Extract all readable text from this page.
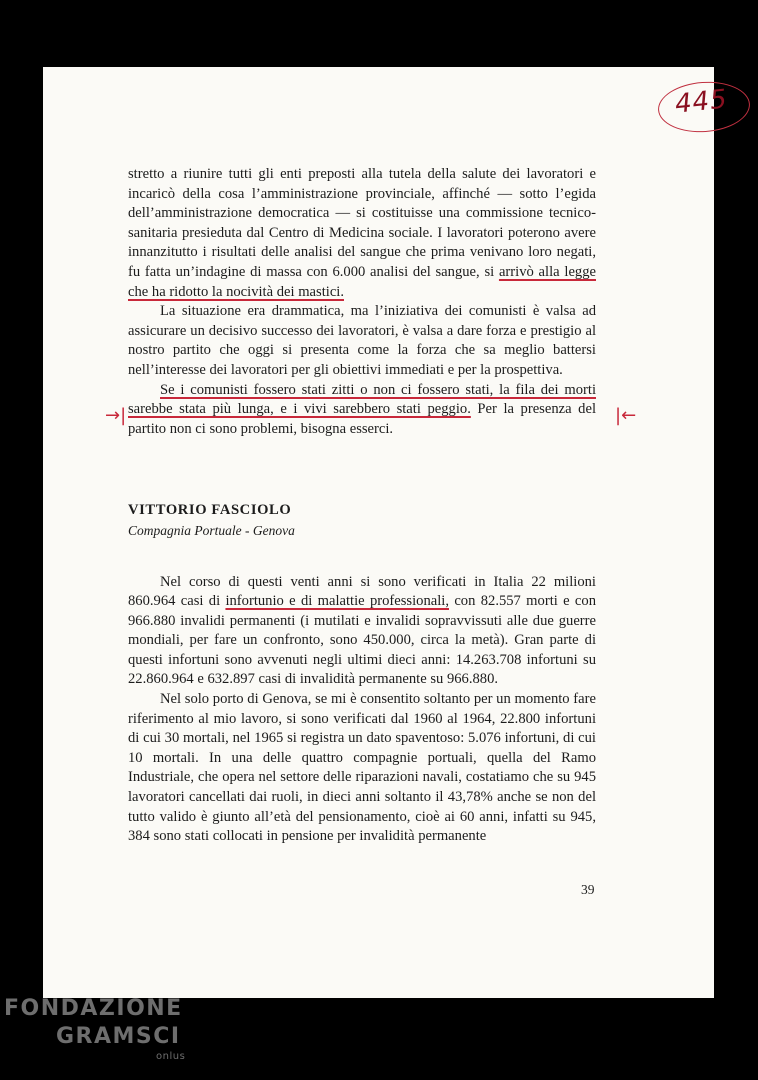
445
→|	|←

stretto a riunire tutti gli enti preposti alla tutela della salute dei lavoratori e incaricò della cosa l’amministrazione provinciale, affinché — sotto l’egida dell’amministrazione democratica — si costituisse una commissione tecnico-sanitaria presieduta dal Centro di Medicina sociale. I lavoratori poterono avere innanzitutto i risultati delle analisi del sangue che prima venivano loro negati, fu fatta un’indagine di massa con 6.000 analisi del sangue, si arrivò alla legge che ha ridotto la nocività dei mastici.

La situazione era drammatica, ma l’iniziativa dei comunisti è valsa ad assicurare un decisivo successo dei lavoratori, è valsa a dare forza e prestigio al nostro partito che oggi si presenta come la forza che sa meglio battersi nell’interesse dei lavoratori per gli obiettivi immediati e per la prospettiva.

Se i comunisti fossero stati zitti o non ci fossero stati, la fila dei morti sarebbe stata più lunga, e i vivi sarebbero stati peggio. Per la presenza del partito non ci sono problemi, bisogna esserci.

VITTORIO FASCIOLO
Compagnia Portuale - Genova

Nel corso di questi venti anni si sono verificati in Italia 22 milioni 860.964 casi di infortunio e di malattie professionali, con 82.557 morti e con 966.880 invalidi permanenti (i mutilati e invalidi sopravvissuti alle due guerre mondiali, per fare un confronto, sono 450.000, circa la metà). Gran parte di questi infortuni sono avvenuti negli ultimi dieci anni: 14.263.708 infortuni su 22.860.964 e 632.897 casi di invalidità permanente su 966.880.

Nel solo porto di Genova, se mi è consentito soltanto per un momento fare riferimento al mio lavoro, si sono verificati dal 1960 al 1964, 22.800 infortuni di cui 30 mortali, nel 1965 si registra un dato spaventoso: 5.076 infortuni, di cui 10 mortali. In una delle quattro compagnie portuali, quella del Ramo Industriale, che opera nel settore delle riparazioni navali, costatiamo che su 945 lavoratori cancellati dai ruoli, in dieci anni soltanto il 43,78% anche se non del tutto valido è giunto all’età del pensionamento, cioè ai 60 anni, infatti su 945, 384 sono stati collocati in pensione per invalidità permanente

39
FONDAZIONE
GRAMSCI
onlus
